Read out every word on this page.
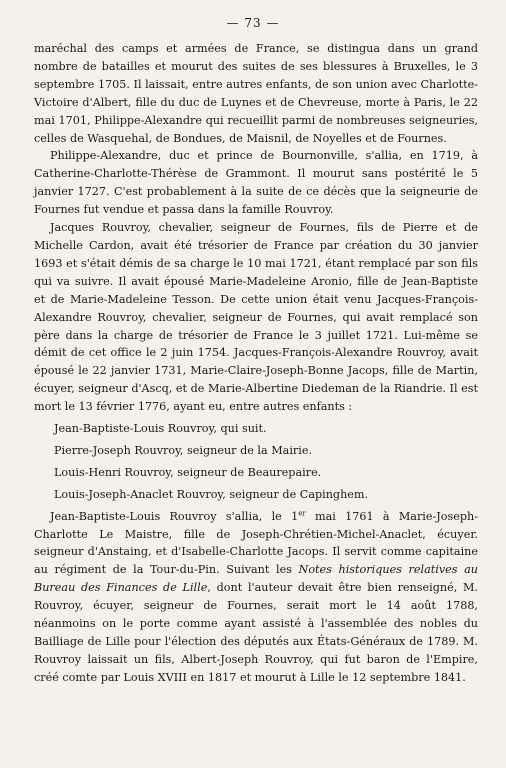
— 73 —

maréchal des camps et armées de France, se distingua dans un grand nombre de batailles et mourut des suites de ses blessures à Bruxelles, le 3 septembre 1705. Il laissait, entre autres enfants, de son union avec Charlotte-Victoire d'Albert, fille du duc de Luynes et de Chevreuse, morte à Paris, le 22 mai 1701, Philippe-Alexandre qui recueillit parmi de nombreuses seigneuries, celles de Wasquehal, de Bondues, de Maisnil, de Noyelles et de Fournes.

Philippe-Alexandre, duc et prince de Bournonville, s'allia, en 1719, à Catherine-Charlotte-Thérèse de Grammont. Il mourut sans postérité le 5 janvier 1727. C'est probablement à la suite de ce décès que la seigneurie de Fournes fut vendue et passa dans la famille Rouvroy.

Jacques Rouvroy, chevalier, seigneur de Fournes, fils de Pierre et de Michelle Cardon, avait été trésorier de France par création du 30 janvier 1693 et s'était démis de sa charge le 10 mai 1721, étant remplacé par son fils qui va suivre. Il avait épousé Marie-Madeleine Aronio, fille de Jean-Baptiste et de Marie-Madeleine Tesson. De cette union était venu Jacques-François-Alexandre Rouvroy, chevalier, seigneur de Fournes, qui avait remplacé son père dans la charge de trésorier de France le 3 juillet 1721. Lui-même se démit de cet office le 2 juin 1754. Jacques-François-Alexandre Rouvroy, avait épousé le 22 janvier 1731, Marie-Claire-Joseph-Bonne Jacops, fille de Martin, écuyer, seigneur d'Ascq, et de Marie-Albertine Diedeman de la Riandrie. Il est mort le 13 février 1776, ayant eu, entre autres enfants :

Jean-Baptiste-Louis Rouvroy, qui suit.

Pierre-Joseph Rouvroy, seigneur de la Mairie.

Louis-Henri Rouvroy, seigneur de Beaurepaire.

Louis-Joseph-Anaclet Rouvroy, seigneur de Capinghem.

Jean-Baptiste-Louis Rouvroy s'allia, le 1er mai 1761 à Marie-Joseph-Charlotte Le Maistre, fille de Joseph-Chrétien-Michel-Anaclet, écuyer. seigneur d'Anstaing, et d'Isabelle-Charlotte Jacops. Il servit comme capitaine au régiment de la Tour-du-Pin. Suivant les Notes historiques relatives au Bureau des Finances de Lille, dont l'auteur devait être bien renseigné, M. Rouvroy, écuyer, seigneur de Fournes, serait mort le 14 août 1788, néanmoins on le porte comme ayant assisté à l'assemblée des nobles du Bailliage de Lille pour l'élection des députés aux États-Généraux de 1789. M. Rouvroy laissait un fils, Albert-Joseph Rouvroy, qui fut baron de l'Empire, créé comte par Louis XVIII en 1817 et mourut à Lille le 12 septembre 1841.
